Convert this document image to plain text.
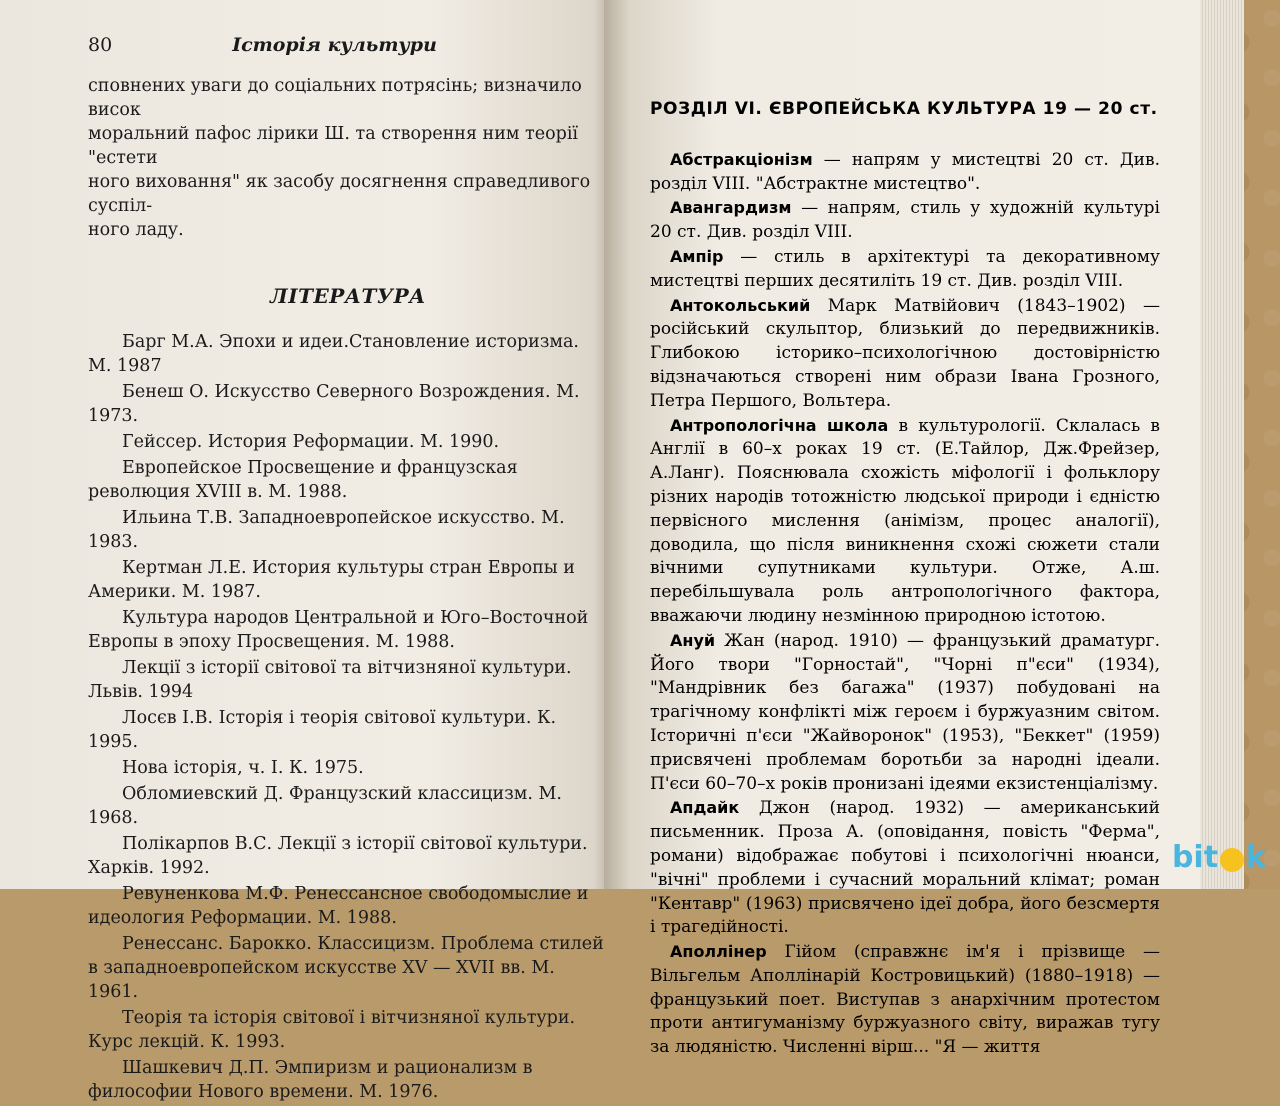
80	Історія культури

сповнених уваги до соціальних потрясінь; визначило висок

моральний пафос лірики Ш. та створення ним теорії "естети

ного виховання" як засобу досягнення справедливого суспіл-

ного ладу.

ЛІТЕРАТУРА

Барг М.А. Эпохи и идеи.Становление историзма. М. 1987

Бенеш О. Искусство Северного Возрождения. М. 1973.

Гейссер. История Реформации. М. 1990.

Европейское Просвещение и французская революция XVIII в. М. 1988.

Ильина Т.В. Западноевропейское искусство. М. 1983.

Кертман Л.Е. История культуры стран Европы и Америки. М. 1987.

Культура народов Центральной и Юго–Восточной Европы в эпоху Просвещения. М. 1988.

Лекції з історії світової та вітчизняної культури. Львів. 1994

Лосєв І.В. Історія і теорія світової культури. К. 1995.

Нова історія, ч. I. К. 1975.

Обломиевский Д. Французский классицизм. М. 1968.

Полікарпов В.С. Лекції з історії світової культури. Харків. 1992.

Ревуненкова М.Ф. Ренессансное свободомыслие и идеология Реформации. М. 1988.

Ренессанс. Барокко. Классицизм. Проблема стилей в западноевропейском искусстве XV — XVII вв. М. 1961.

Теорія та історія світової і вітчизняної культури. Курс лекцій. К. 1993.

Шашкевич Д.П. Эмпиризм и рационализм в философии Нового времени. М. 1976.

РОЗДІЛ VI. ЄВРОПЕЙСЬКА КУЛЬТУРА 19 — 20 ст.

Абстракціонізм — напрям у мистецтві 20 ст. Див. розділ VIII. "Абстрактне мистецтво".

Авангардизм — напрям, стиль у художній культурі 20 ст. Див. розділ VIII.

Ампір — стиль в архітектурі та декоративному мистецтві перших десятиліть 19 ст. Див. розділ VIII.

Антокольський Марк Матвійович (1843–1902) — російський скульптор, близький до передвижників. Глибокою історико–психологічною достовірністю відзначаються створені ним образи Івана Грозного, Петра Першого, Вольтера.

Антропологічна школа в культурології. Склалась в Англії в 60–х роках 19 ст. (Е.Тайлор, Дж.Фрейзер, А.Ланг). Пояснювала схожість міфології і фольклору різних народів тотожністю людської природи і єдністю первісного мислення (анімізм, процес аналогії), доводила, що після виникнення схожі сюжети стали вічними супутниками культури. Отже, А.ш. перебільшувала роль антропологічного фактора, вважаючи людину незмінною природною істотою.

Ануй Жан (народ. 1910) — французький драматург. Його твори "Горностай", "Чорні п"єси" (1934), "Мандрівник без багажа" (1937) побудовані на трагічному конфлікті між героєм і буржуазним світом. Історичні п'єси "Жайворонок" (1953), "Беккет" (1959) присвячені проблемам боротьби за народні ідеали. П'єси 60–70–х років пронизані ідеями екзистенціалізму.

Апдайк Джон (народ. 1932) — американський письменник. Проза А. (оповідання, повість "Ферма", романи) відображає побутові і психологічні нюанси, "вічні" проблеми і сучасний моральний клімат; роман "Кентавр" (1963) присвячено ідеї добра, його безсмертя і трагедійності.

Аполлінер Гійом (справжнє ім'я і прізвище — Вільгельм Аполлінарій Костровицький) (1880–1918) — французький поет. Виступав з анархічним протестом проти антигуманізму буржуазного світу, виражав тугу за людяністю. Численні вірш... "Я — життя

bit k
